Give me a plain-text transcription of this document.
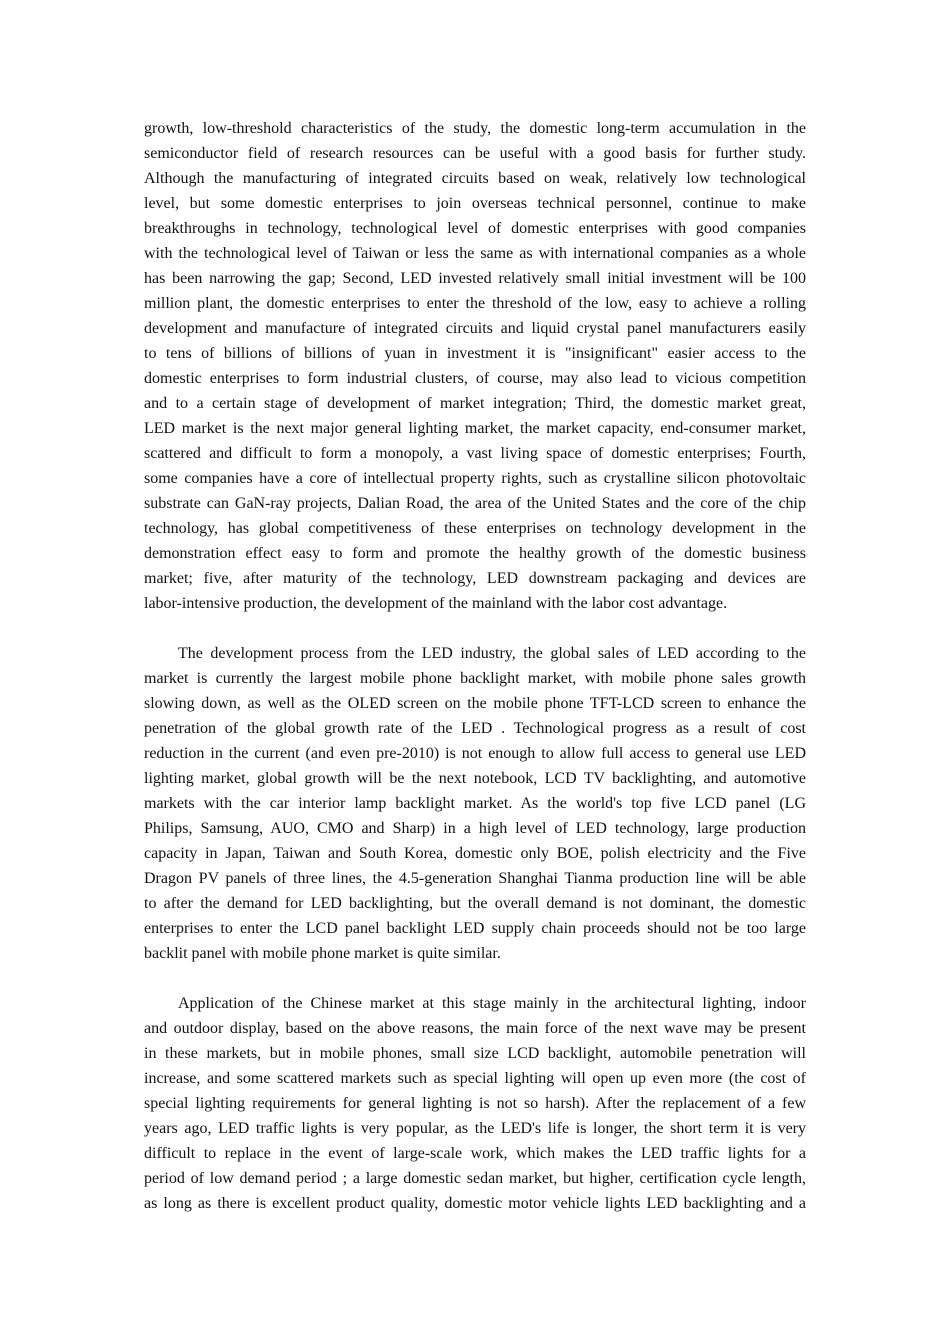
growth, low-threshold characteristics of the study, the domestic long-term accumulation in the
semiconductor field of research resources can be useful with a good basis for further study.
Although the manufacturing of integrated circuits based on weak, relatively low technological
level, but some domestic enterprises to join overseas technical personnel, continue to make
breakthroughs in technology, technological level of domestic enterprises with good companies
with the technological level of Taiwan or less the same as with international companies as a whole
has been narrowing the gap; Second, LED invested relatively small initial investment will be 100
million plant, the domestic enterprises to enter the threshold of the low, easy to achieve a rolling
development and manufacture of integrated circuits and liquid crystal panel manufacturers easily
to tens of billions of billions of yuan in investment it is "insignificant" easier access to the
domestic enterprises to form industrial clusters, of course, may also lead to vicious competition
and to a certain stage of development of market integration; Third, the domestic market great,
LED market is the next major general lighting market, the market capacity, end-consumer market,
scattered and difficult to form a monopoly, a vast living space of domestic enterprises; Fourth,
some companies have a core of intellectual property rights, such as crystalline silicon photovoltaic
substrate can GaN-ray projects, Dalian Road, the area of the United States and the core of the chip
technology, has global competitiveness of these enterprises on technology development in the
demonstration effect easy to form and promote the healthy growth of the domestic business
market; five, after maturity of the technology, LED downstream packaging and devices are
labor-intensive production, the development of the mainland with the labor cost advantage.
The development process from the LED industry, the global sales of LED according to the
market is currently the largest mobile phone backlight market, with mobile phone sales growth
slowing down, as well as the OLED screen on the mobile phone TFT-LCD screen to enhance the
penetration of the global growth rate of the LED . Technological progress as a result of cost
reduction in the current (and even pre-2010) is not enough to allow full access to general use LED
lighting market, global growth will be the next notebook, LCD TV backlighting, and automotive
markets with the car interior lamp backlight market. As the world's top five LCD panel (LG
Philips, Samsung, AUO, CMO and Sharp) in a high level of LED technology, large production
capacity in Japan, Taiwan and South Korea, domestic only BOE, polish electricity and the Five
Dragon PV panels of three lines, the 4.5-generation Shanghai Tianma production line will be able
to after the demand for LED backlighting, but the overall demand is not dominant, the domestic
enterprises to enter the LCD panel backlight LED supply chain proceeds should not be too large
backlit panel with mobile phone market is quite similar.
Application of the Chinese market at this stage mainly in the architectural lighting, indoor
and outdoor display, based on the above reasons, the main force of the next wave may be present
in these markets, but in mobile phones, small size LCD backlight, automobile penetration will
increase, and some scattered markets such as special lighting will open up even more (the cost of
special lighting requirements for general lighting is not so harsh). After the replacement of a few
years ago, LED traffic lights is very popular, as the LED's life is longer, the short term it is very
difficult to replace in the event of large-scale work, which makes the LED traffic lights for a
period of low demand period ; a large domestic sedan market, but higher, certification cycle length,
as long as there is excellent product quality, domestic motor vehicle lights LED backlighting and a
